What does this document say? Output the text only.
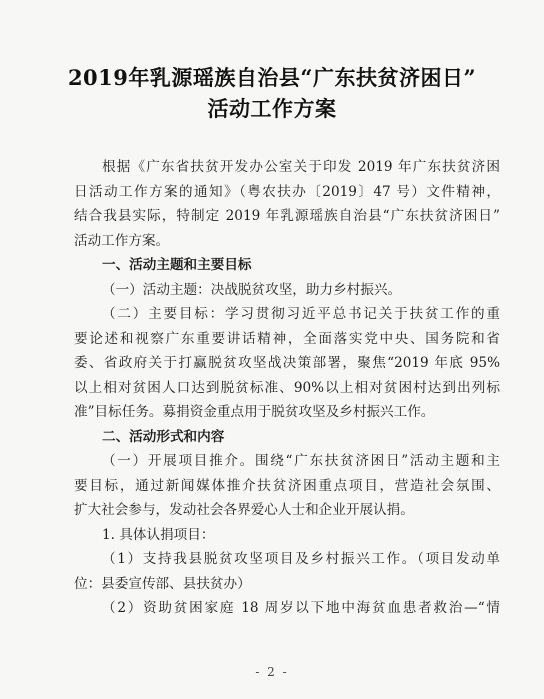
2019年乳源瑶族自治县“广东扶贫济困日”
活动工作方案
根据《广东省扶贫开发办公室关于印发 2019 年广东扶贫济困
日活动工作方案的通知》（粤农扶办〔2019〕47 号）文件精神，
结合我县实际，特制定 2019 年乳源瑶族自治县“广东扶贫济困日”
活动工作方案。
一、活动主题和主要目标
（一）活动主题：决战脱贫攻坚，助力乡村振兴。
（二）主要目标：学习贯彻习近平总书记关于扶贫工作的重
要论述和视察广东重要讲话精神，全面落实党中央、国务院和省
委、省政府关于打赢脱贫攻坚战决策部署，聚焦“2019 年底 95%
以上相对贫困人口达到脱贫标准、90%以上相对贫困村达到出列标
准”目标任务。募捐资金重点用于脱贫攻坚及乡村振兴工作。
二、活动形式和内容
（一）开展项目推介。围绕“广东扶贫济困日”活动主题和主
要目标，通过新闻媒体推介扶贫济困重点项目，营造社会氛围、
扩大社会参与，发动社会各界爱心人士和企业开展认捐。
1. 具体认捐项目：
（1）支持我县脱贫攻坚项目及乡村振兴工作。（项目发动单
位：县委宣传部、县扶贫办）
（2）资助贫困家庭 18 周岁以下地中海贫血患者救治—“情
- 2 -
